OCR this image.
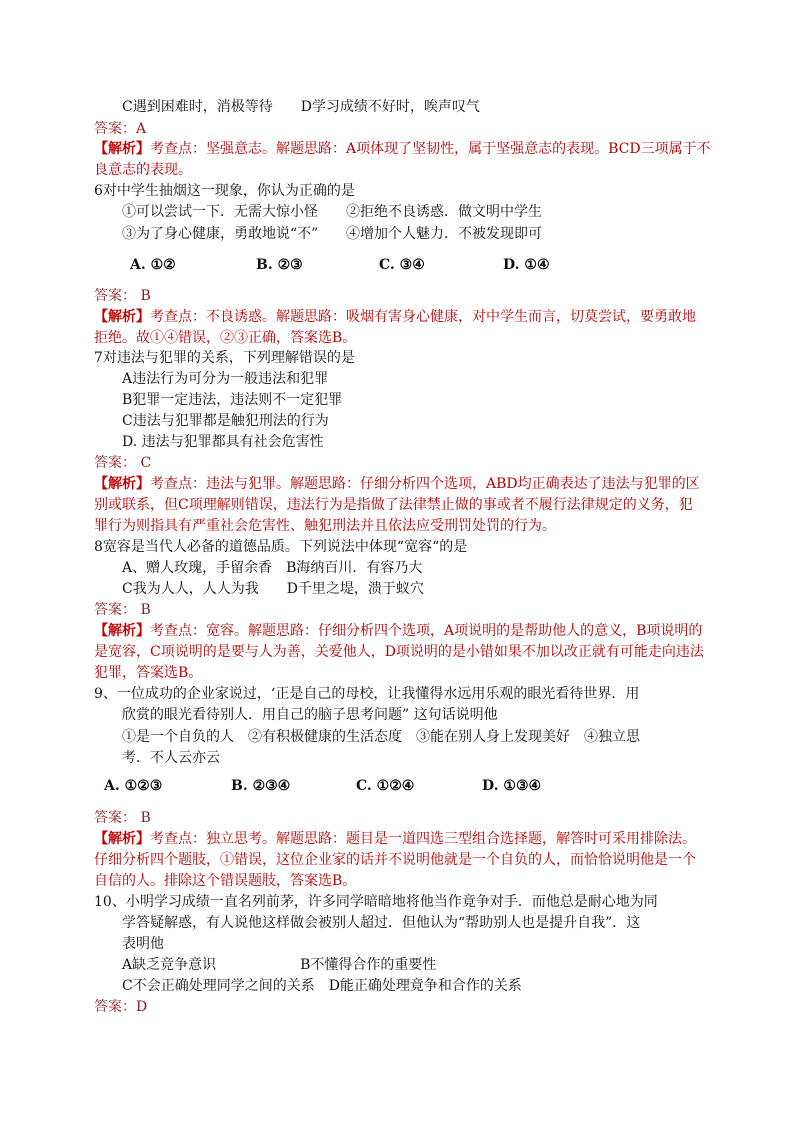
C遇到困难时，消极等待　　D学习成绩不好时，唉声叹气
答案：A
【解析】考查点：坚强意志。解题思路：A项体现了坚韧性，属于坚强意志的表现。BCD三项属于不
良意志的表现。
6对中学生抽烟这一现象，你认为正确的是
①可以尝试一下．无需大惊小怪 ②拒绝不良诱惑．做文明中学生
③为了身心健康，勇敢地说“不” ④增加个人魅力．不被发现即可
A. ①②	B. ②③	C. ③④	D. ①④
答案： B
【解析】考查点：不良诱惑。解题思路：吸烟有害身心健康，对中学生而言，切莫尝试，要勇敢地
拒绝。故①④错误，②③正确，答案选B。
7对违法与犯罪的关系，下列理解错误的是
A违法行为可分为一般违法和犯罪
B犯罪一定违法，违法则不一定犯罪
C违法与犯罪都是触犯刑法的行为
D. 违法与犯罪都具有社会危害性
答案： C
【解析】考查点：违法与犯罪。解题思路：仔细分析四个选项，ABD均正确表达了违法与犯罪的区
别或联系，但C项理解则错误，违法行为是指做了法律禁止做的事或者不履行法律规定的义务，犯
罪行为则指具有严重社会危害性、触犯刑法并且依法应受刑罚处罚的行为。
8宽容是当代人必备的道德品质。下列说法中体现“宽容“的是
A、赠人玫瑰，手留余香　B海纳百川．有容乃大
C我为人人，人人为我　　D千里之堤，溃于蚁穴
答案： B
【解析】考查点：宽容。解题思路：仔细分析四个选项，A项说明的是帮助他人的意义，B项说明的
是宽容，C项说明的是要与人为善，关爱他人，D项说明的是小错如果不加以改正就有可能走向违法
犯罪，答案选B。
9、一位成功的企业家说过，‘正是自己的母校，让我懂得水远用乐观的眼光看待世界．用
欣赏的眼光看待别人．用自己的脑子思考问题” 这句话说明他
①是一个自负的人　②有积极健康的生活态度　③能在别人身上发现美好　④独立思
考．不人云亦云
A. ①②③	B. ②③④	C. ①②④	D. ①③④
答案： B
【解析】考查点：独立思考。解题思路：题目是一道四选三型组合选择题，解答时可采用排除法。
仔细分析四个题肢，①错误，这位企业家的话并不说明他就是一个自负的人，而恰恰说明他是一个
自信的人。排除这个错误题肢，答案选B。
10、小明学习成绩一直名列前茅，许多同学暗暗地将他当作竟争对手．而他总是耐心地为同
学答疑解惑，有人说他这样做会被别人超过．但他认为“帮助别人也是提升自我”．这
表明他
A缺乏竞争意识　　　　　　B不懂得合作的重要性
C不会正确处理同学之间的关系　D能正确处理竟争和合作的关系
答案：D
